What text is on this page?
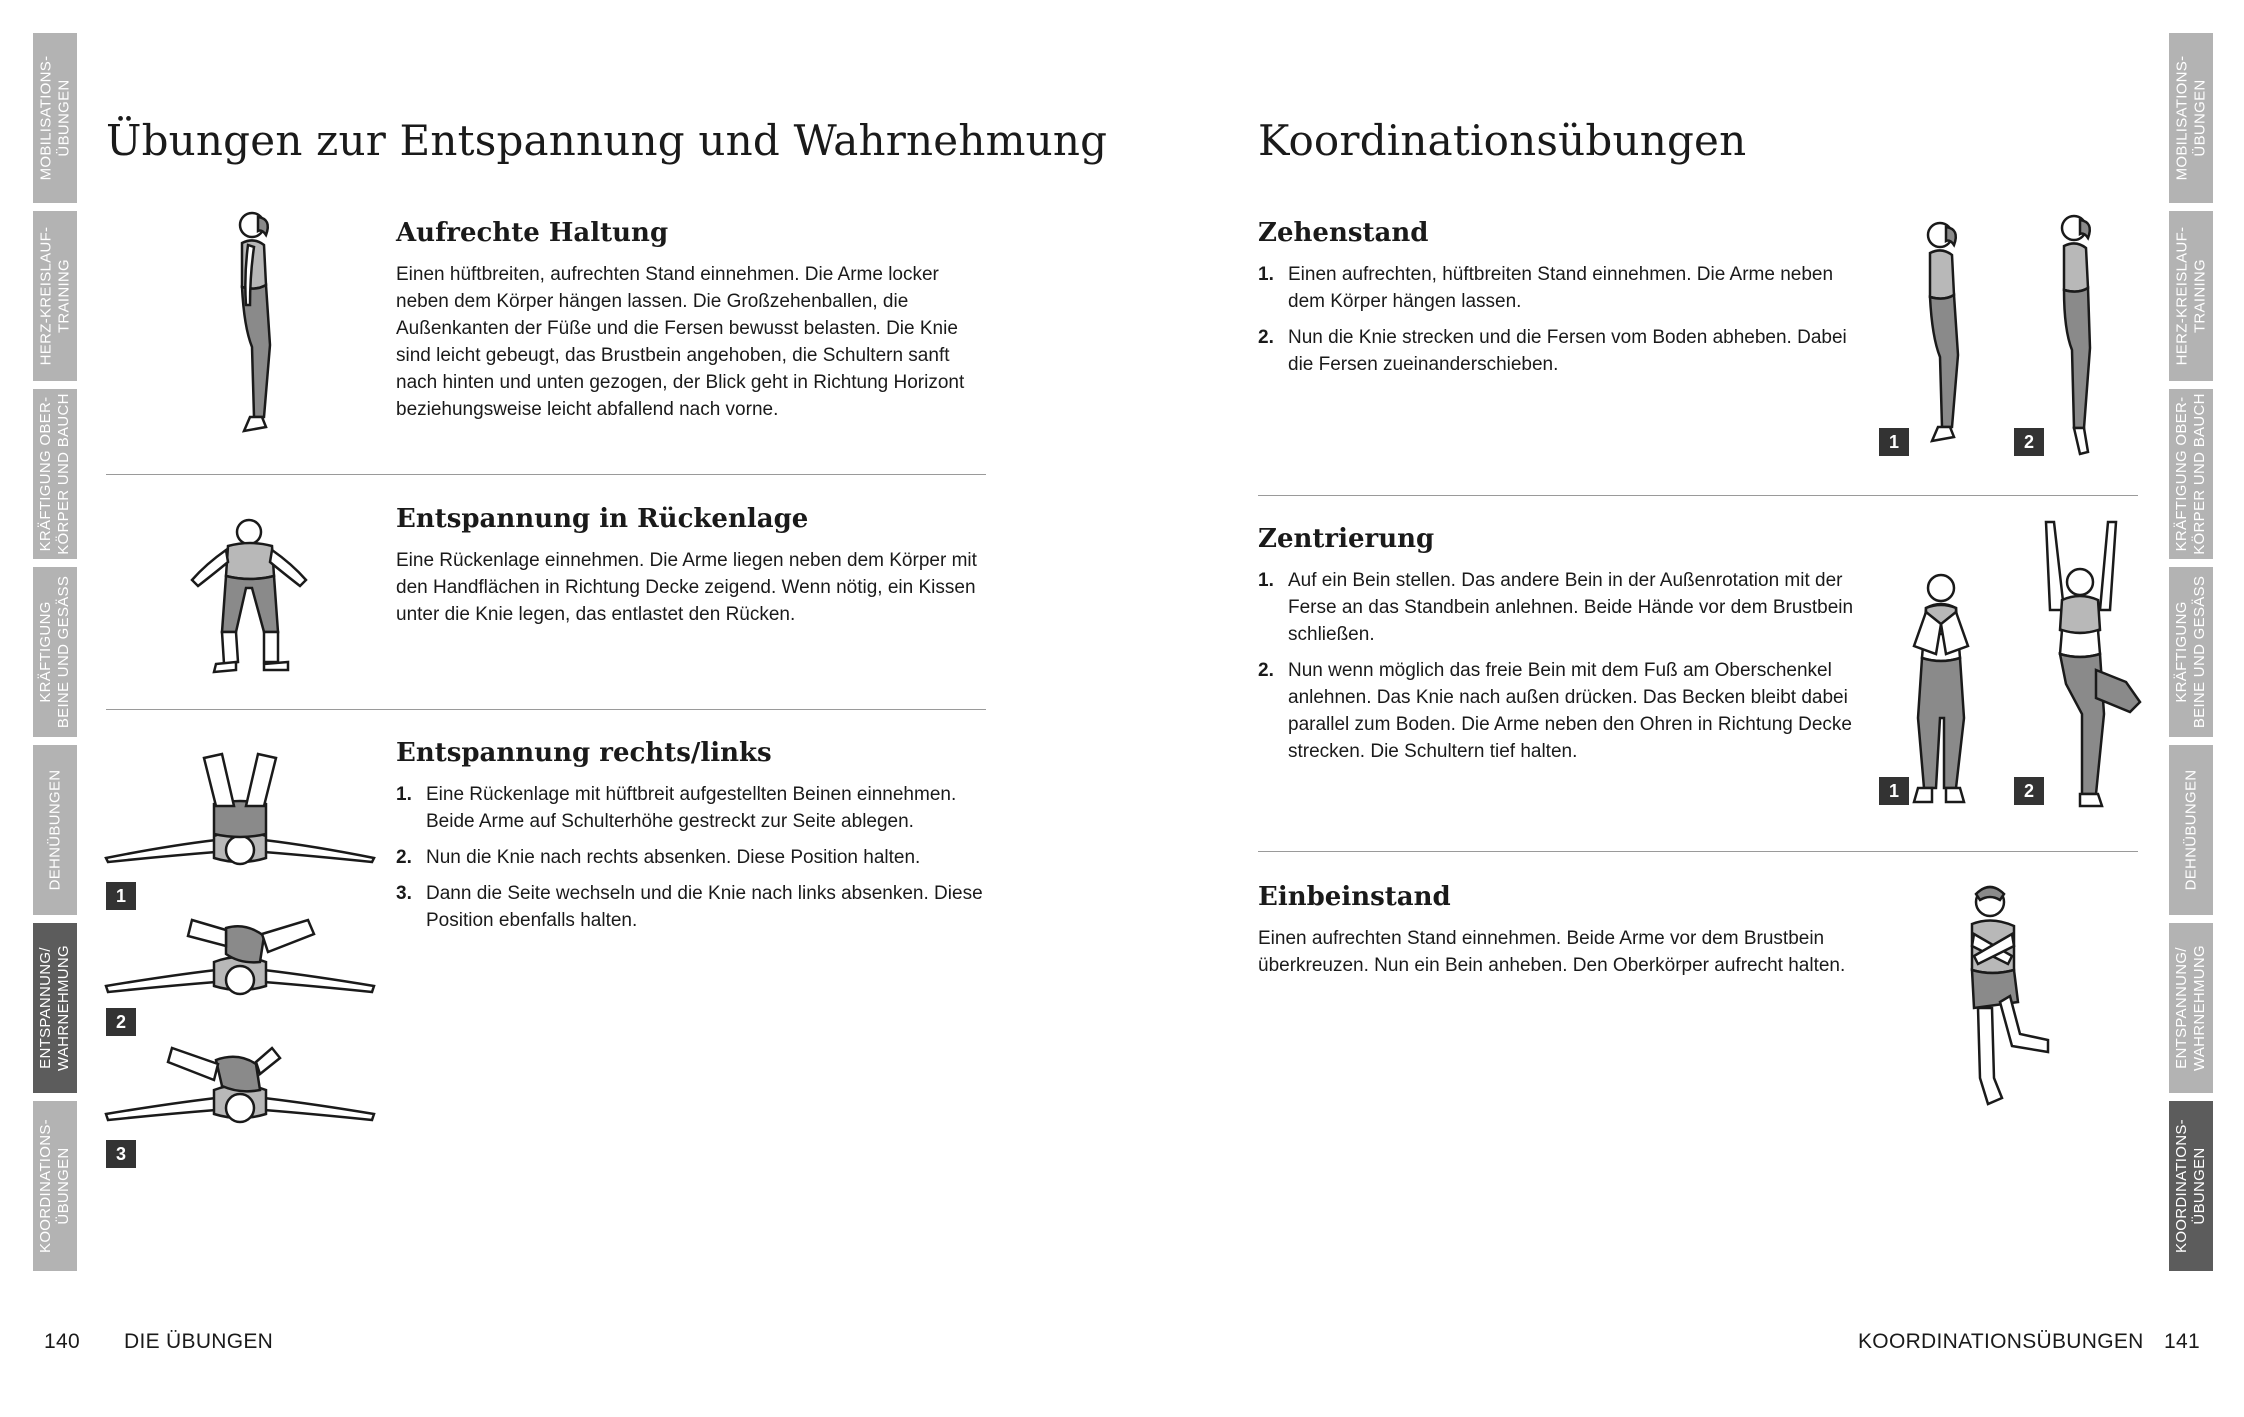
MOBILISATIONS-
ÜBUNGEN
HERZ-KREISLAUF-
TRAINING
KRÄFTIGUNG OBER-
KÖRPER UND BAUCH
KRÄFTIGUNG
BEINE UND GESÄSS
DEHNÜBUNGEN
ENTSPANNUNG/
WAHRNEHMUNG
KOORDINATIONS-
ÜBUNGEN
MOBILISATIONS-
ÜBUNGEN
HERZ-KREISLAUF-
TRAINING
KRÄFTIGUNG OBER-
KÖRPER UND BAUCH
KRÄFTIGUNG
BEINE UND GESÄSS
DEHNÜBUNGEN
ENTSPANNUNG/
WAHRNEHMUNG
KOORDINATIONS-
ÜBUNGEN
Übungen zur Entspannung und Wahrnehmung
Aufrechte Haltung

Einen hüftbreiten, aufrechten Stand einnehmen. Die Arme locker neben dem Körper hängen lassen. Die Großzehenballen, die Außenkanten der Füße und die Fersen bewusst belasten. Die Knie sind leicht gebeugt, das Brustbein angehoben, die Schultern sanft nach hinten und unten gezogen, der Blick geht in Richtung Horizont beziehungsweise leicht abfallend nach vorne.

Entspannung in Rückenlage

Eine Rückenlage einnehmen. Die Arme liegen neben dem Körper mit den Handflächen in Richtung Decke zeigend. Wenn nötig, ein Kissen unter die Knie legen, das entlastet den Rücken.

1
2
3
Entspannung rechts/links
1. Eine Rückenlage mit hüftbreit aufgestellten Beinen einnehmen. Beide Arme auf Schulterhöhe gestreckt zur Seite ablegen.
2. Nun die Knie nach rechts absenken. Diese Position halten.
3. Dann die Seite wechseln und die Knie nach links absenken. Diese Position ebenfalls halten.
140 DIE ÜBUNGEN
Koordinationsübungen
Zehenstand
1. Einen aufrechten, hüftbreiten Stand einnehmen. Die Arme neben dem Körper hängen lassen.
2. Nun die Knie strecken und die Fersen vom Boden abheben. Dabei die Fersen zueinanderschieben.
1	2
Zentrierung
1. Auf ein Bein stellen. Das andere Bein in der Außenrotation mit der Ferse an das Standbein anlehnen. Beide Hände vor dem Brustbein schließen.
2. Nun wenn möglich das freie Bein mit dem Fuß am Oberschenkel anlehnen. Das Knie nach außen drücken. Das Becken bleibt dabei parallel zum Boden. Die Arme neben den Ohren in Richtung Decke strecken. Die Schultern tief halten.
1	2
Einbeinstand

Einen aufrechten Stand einnehmen. Beide Arme vor dem Brustbein überkreuzen. Nun ein Bein anheben. Den Oberkörper aufrecht halten.

KOORDINATIONSÜBUNGEN 141
